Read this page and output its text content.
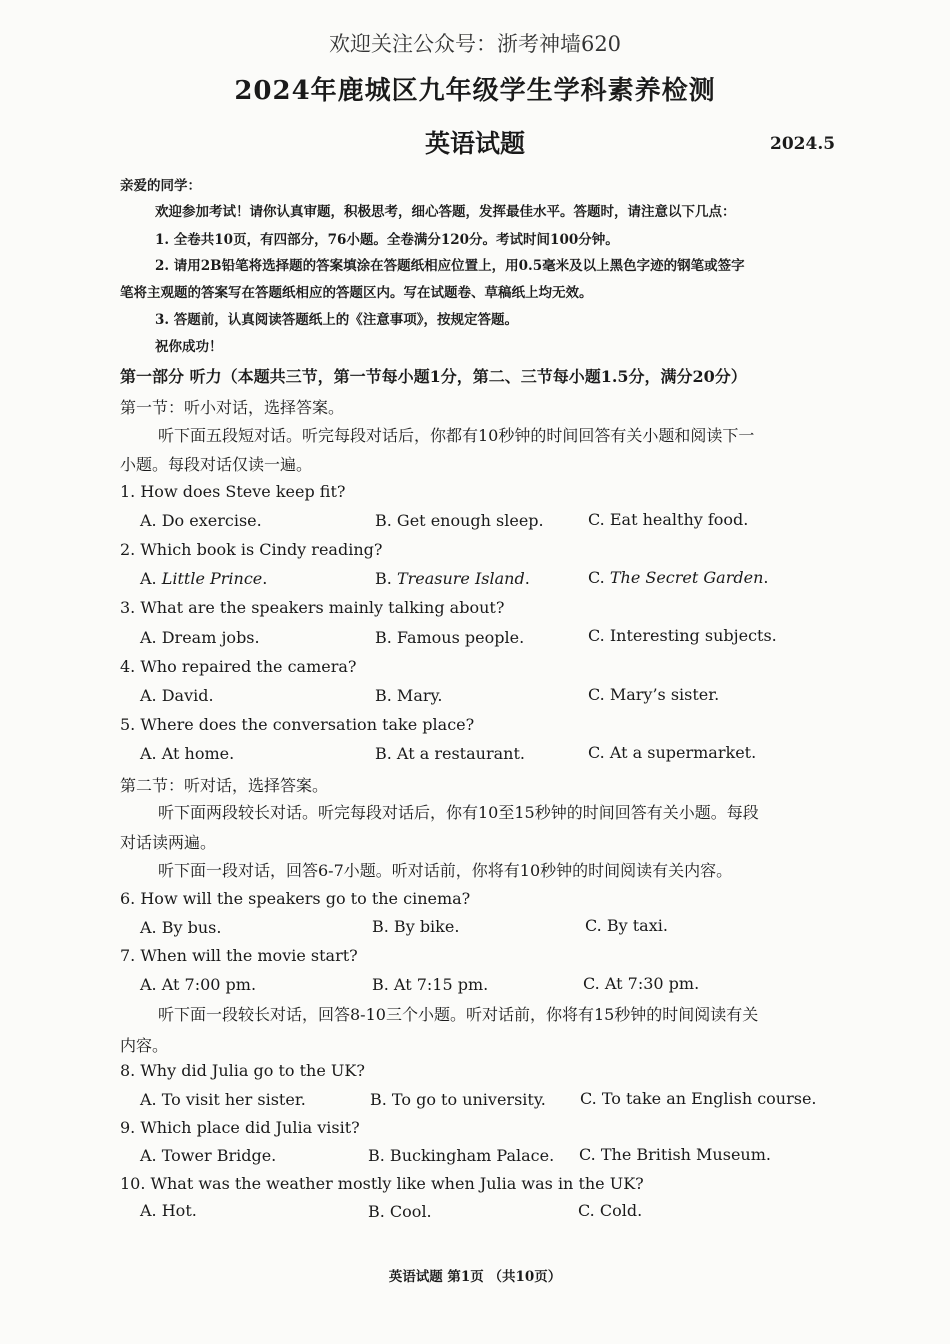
欢迎关注公众号：浙考神墙620
2024年鹿城区九年级学生学科素养检测
英语试题	2024.5
亲爱的同学：
欢迎参加考试！请你认真审题，积极思考，细心答题，发挥最佳水平。答题时，请注意以下几点：
1. 全卷共10页，有四部分，76小题。全卷满分120分。考试时间100分钟。
2. 请用2B铅笔将选择题的答案填涂在答题纸相应位置上，用0.5毫米及以上黑色字迹的钢笔或签字
笔将主观题的答案写在答题纸相应的答题区内。写在试题卷、草稿纸上均无效。
3. 答题前，认真阅读答题纸上的《注意事项》，按规定答题。
祝你成功！
第一部分 听力（本题共三节，第一节每小题1分，第二、三节每小题1.5分，满分20分）
第一节：听小对话，选择答案。
听下面五段短对话。听完每段对话后，你都有10秒钟的时间回答有关小题和阅读下一
小题。每段对话仅读一遍。
1. How does Steve keep fit?
A. Do exercise.	B. Get enough sleep.	C. Eat healthy food.
2. Which book is Cindy reading?
A. Little Prince.	B. Treasure Island.	C. The Secret Garden.
3. What are the speakers mainly talking about?
A. Dream jobs.	B. Famous people.	C. Interesting subjects.
4. Who repaired the camera?
A. David.	B. Mary.	C. Mary’s sister.
5. Where does the conversation take place?
A. At home.	B. At a restaurant.	C. At a supermarket.
第二节：听对话，选择答案。
听下面两段较长对话。听完每段对话后，你有10至15秒钟的时间回答有关小题。每段
对话读两遍。
听下面一段对话，回答6-7小题。听对话前，你将有10秒钟的时间阅读有关内容。
6. How will the speakers go to the cinema?
A. By bus.	B. By bike.	C. By taxi.
7. When will the movie start?
A. At 7:00 pm.	B. At 7:15 pm.	C. At 7:30 pm.
听下面一段较长对话，回答8-10三个小题。听对话前，你将有15秒钟的时间阅读有关
内容。
8. Why did Julia go to the UK?
A. To visit her sister.	B. To go to university. C. To take an English course.
9. Which place did Julia visit?
A. Tower Bridge.	B. Buckingham Palace. C. The British Museum.
10. What was the weather mostly like when Julia was in the UK?
A. Hot.	B. Cool.	C. Cold.
英语试题 第1页 （共10页）
